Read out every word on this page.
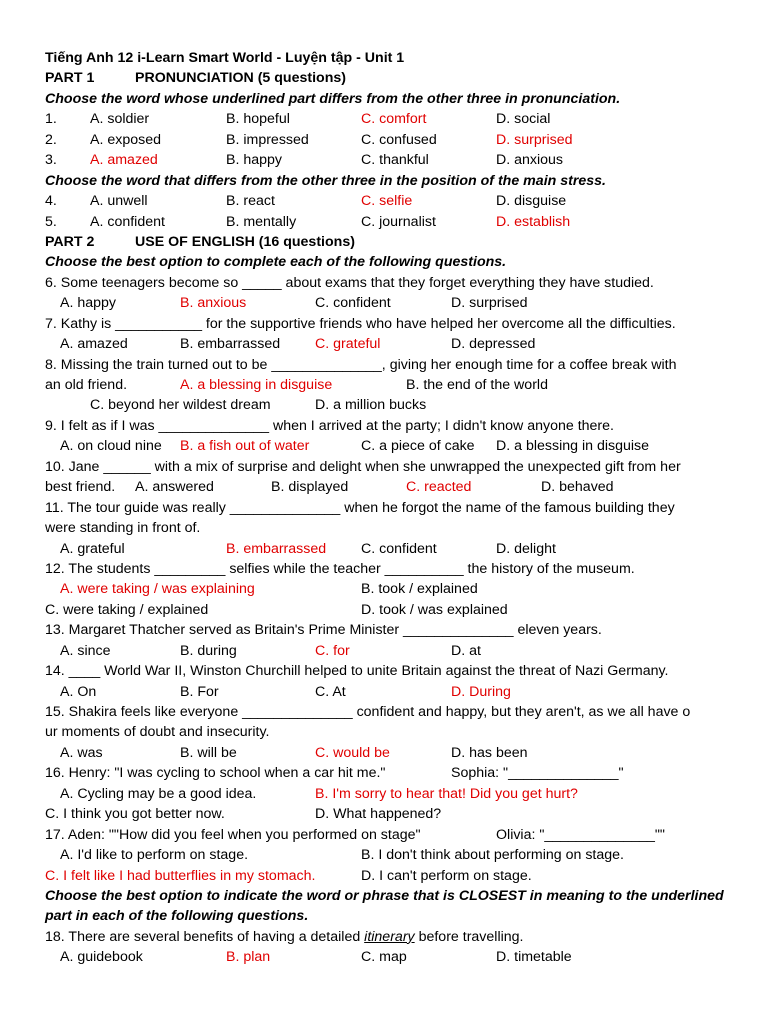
Tiếng Anh 12 i-Learn Smart World - Luyện tập - Unit 1
PART 1	PRONUNCIATION (5 questions)
Choose the word whose underlined part differs from the other three in pronunciation.
1. A. soldier	B. hopeful	C. comfort	D. social
2. A. exposed	B. impressed	C. confused	D. surprised
3. A. amazed	B. happy	C. thankful	D. anxious
Choose the word that differs from the other three in the position of the main stress.
4. A. unwell	B. react	C. selfie	D. disguise
5. A. confident	B. mentally	C. journalist	D. establish
PART 2	USE OF ENGLISH (16 questions)
Choose the best option to complete each of the following questions.
6. Some teenagers become so _____ about exams that they forget everything they have studied.
A. happy	B. anxious	C. confident	D. surprised
7. Kathy is ___________ for the supportive friends who have helped her overcome all the difficulties.
A. amazed	B. embarrassed C. grateful	D. depressed
8. Missing the train turned out to be ______________, giving her enough time for a coffee break with
an old friend.	A. a blessing in disguise	B. the end of the world
C. beyond her wildest dream	D. a million bucks
9. I felt as if I was ______________ when I arrived at the party; I didn't know anyone there.
A. on cloud nine B. a fish out of water	C. a piece of cake D. a blessing in disguise
10. Jane ______ with a mix of surprise and delight when she unwrapped the unexpected gift from her
best friend. A. answered	B. displayed	C. reacted	D. behaved
11. The tour guide was really ______________ when he forgot the name of the famous building they
were standing in front of.
A. grateful	B. embarrassed C. confident	D. delight
12. The students _________ selfies while the teacher __________ the history of the museum.
A. were taking / was explaining	B. took / explained
C. were taking / explained	D. took / was explained
13. Margaret Thatcher served as Britain's Prime Minister ______________ eleven years.
A. since	B. during	C. for	D. at
14. ____ World War II, Winston Churchill helped to unite Britain against the threat of Nazi Germany.
A. On	B. For	C. At	D. During
15. Shakira feels like everyone ______________ confident and happy, but they aren't, as we all have o
ur moments of doubt and insecurity.
A. was	B. will be	C. would be	D. has been
16. Henry: "I was cycling to school when a car hit me."	Sophia: "______________"
A. Cycling may be a good idea.	B. I'm sorry to hear that! Did you get hurt?
C. I think you got better now.	D. What happened?
17. Aden: ""How did you feel when you performed on stage"	Olivia: "______________""
A. I'd like to perform on stage.	B. I don't think about performing on stage.
C. I felt like I had butterflies in my stomach.	D. I can't perform on stage.
Choose the best option to indicate the word or phrase that is CLOSEST in meaning to the underlined
part in each of the following questions.
18. There are several benefits of having a detailed itinerary before travelling.
A. guidebook	B. plan	C. map	D. timetable
